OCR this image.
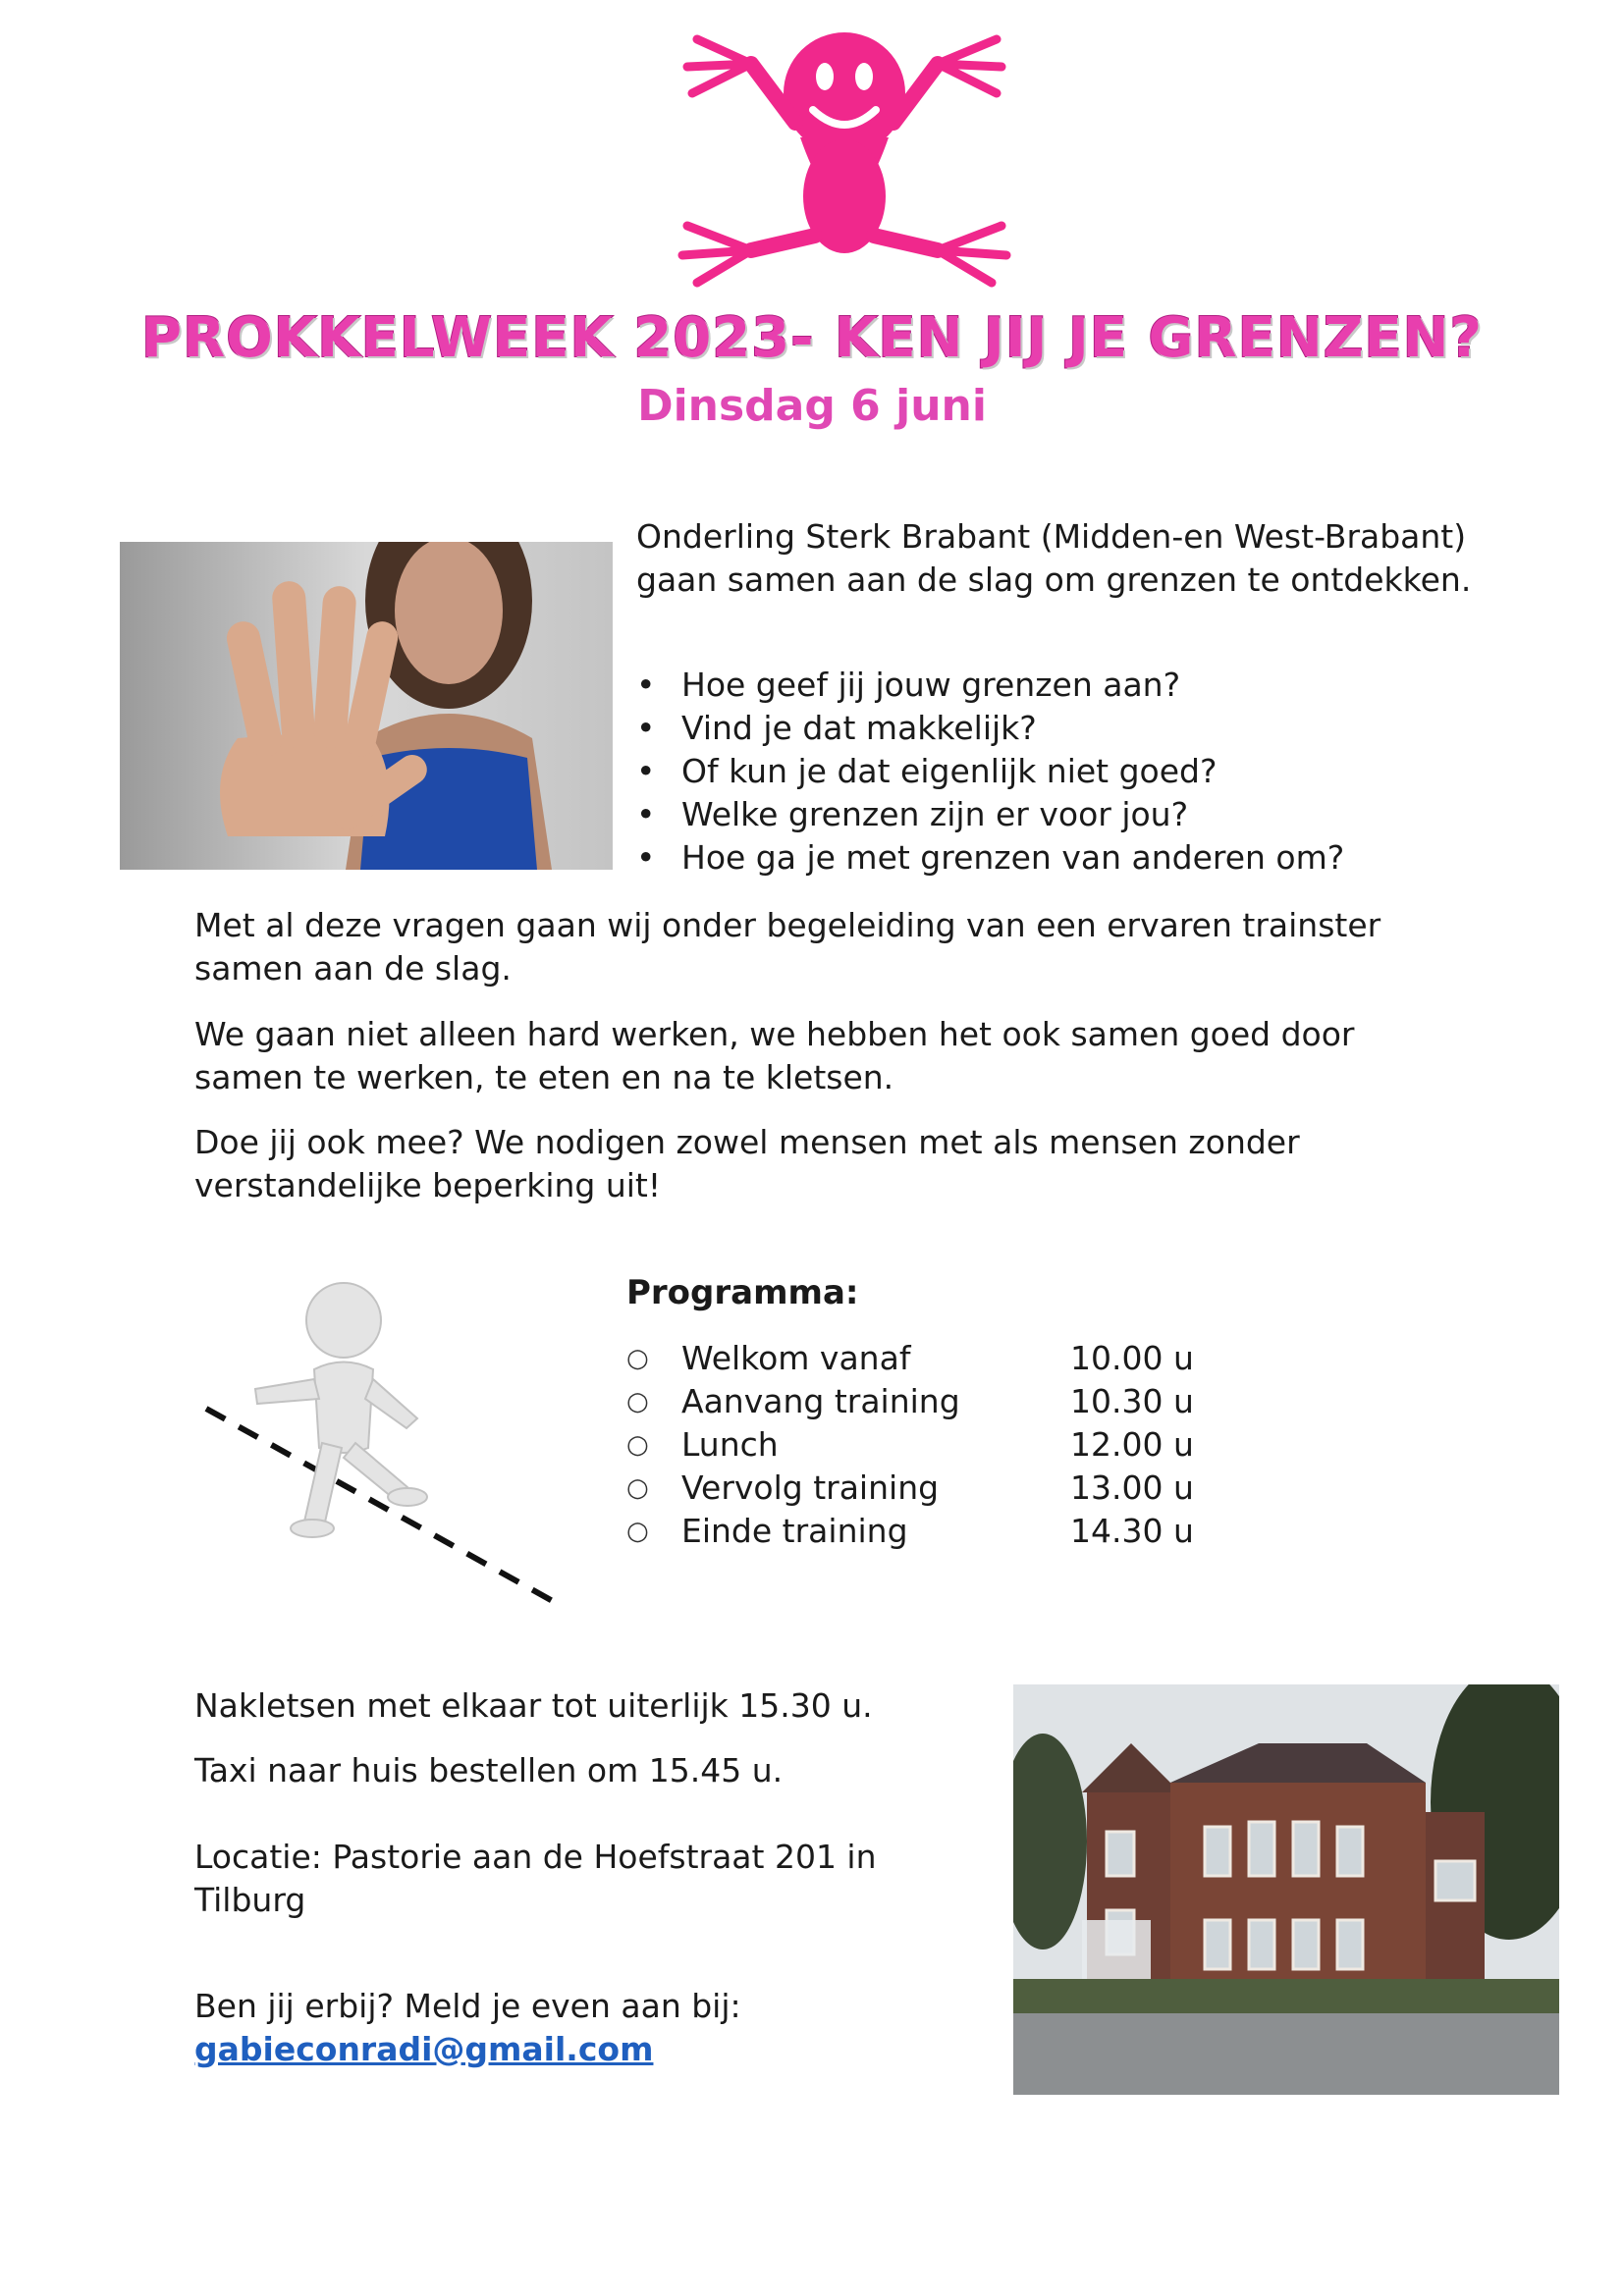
PROKKELWEEK 2023- KEN JIJ JE GRENZEN?
Dinsdag 6 juni
Onderling Sterk Brabant (Midden-en West-Brabant) gaan samen aan de slag om grenzen te ontdekken.
• Hoe geef jij jouw grenzen aan?
• Vind je dat makkelijk?
• Of kun je dat eigenlijk niet goed?
• Welke grenzen zijn er voor jou?
• Hoe ga je met grenzen van anderen om?
Met al deze vragen gaan wij onder begeleiding van een ervaren trainster samen aan de slag.
We gaan niet alleen hard werken, we hebben het ook samen goed door samen te werken, te eten en na te kletsen.
Doe jij ook mee? We nodigen zowel mensen met als mensen zonder verstandelijke beperking uit!
Programma:
○	Welkom vanaf	10.00 u
○	Aanvang training	10.30 u
○	Lunch	12.00 u
○	Vervolg training	13.00 u
○	Einde training	14.30 u
Nakletsen met elkaar tot uiterlijk 15.30 u.
Taxi naar huis bestellen om 15.45 u.
Locatie: Pastorie aan de Hoefstraat 201 in Tilburg
Ben jij erbij? Meld je even aan bij:
gabieconradi@gmail.com
